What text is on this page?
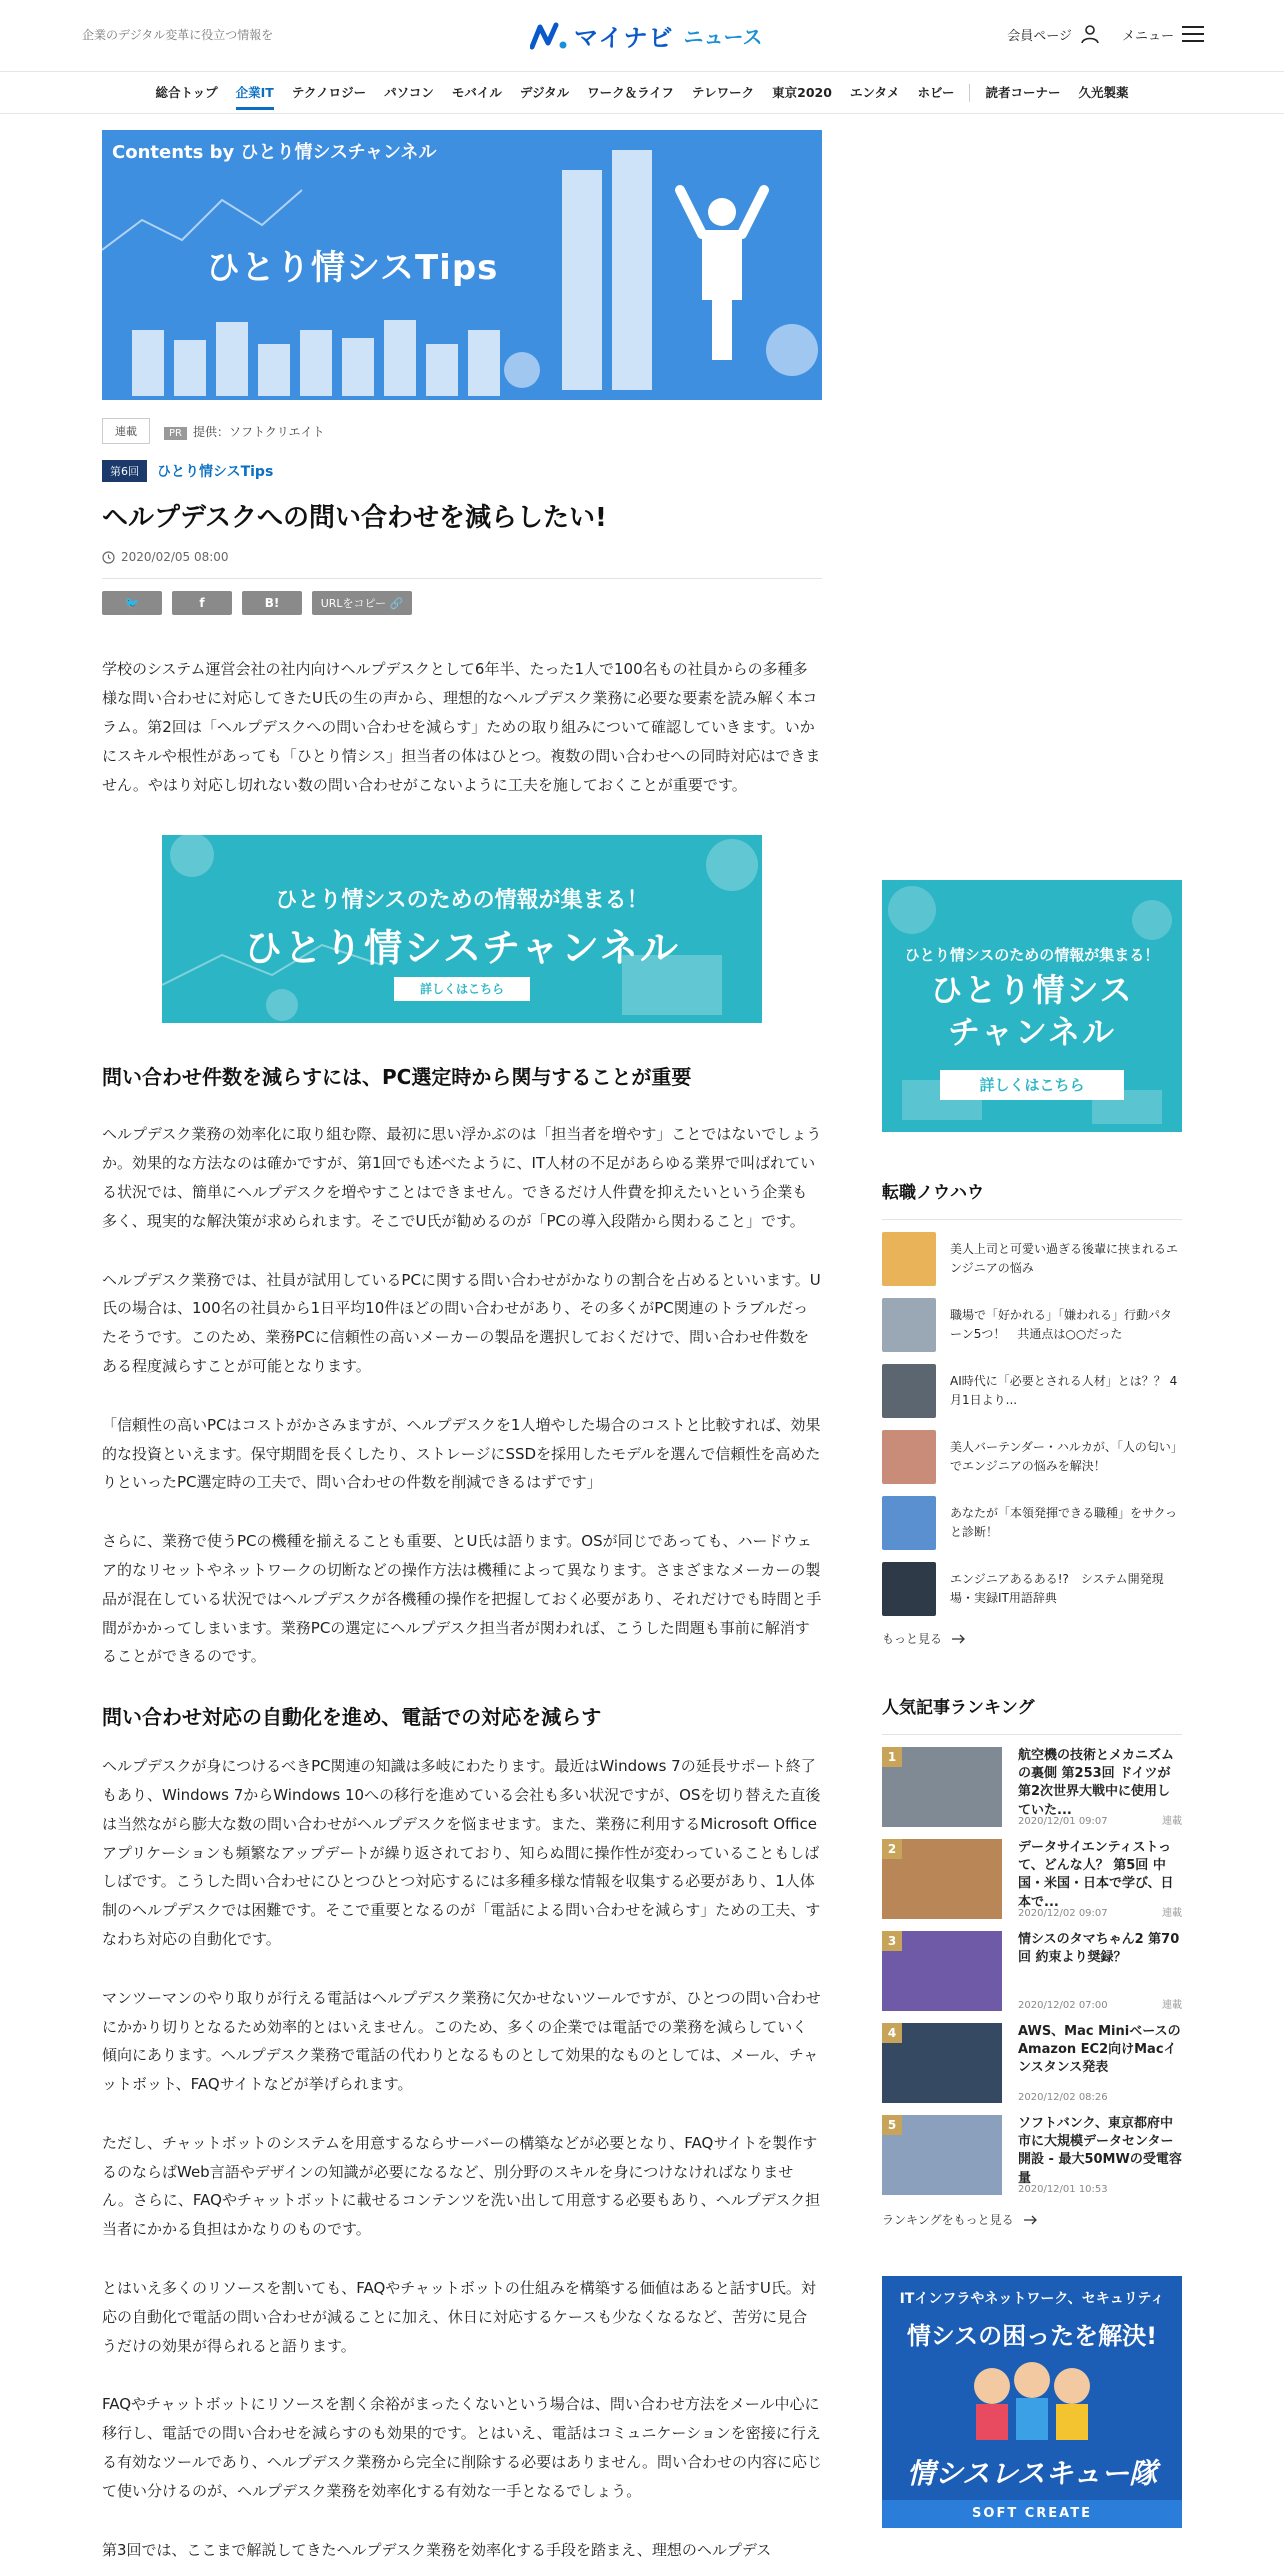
企業のデジタル変革に役立つ情報を	マイナビ ニュース	会員ページ	メニュー
総合トップ	企業IT	テクノロジー	パソコン	モバイル	デジタル	ワーク＆ライフ	テレワーク	東京2020	エンタメ	ホビー	読者コーナー	久光製薬
Contents by ひとり情シスチャンネル
ひとり情シスTips
連載	PR 提供：ソフトクリエイト
第6回	ひとり情シスTips
ヘルプデスクへの問い合わせを減らしたい!
2020/02/05 08:00
🐦	f	B!	URLをコピー 🔗

学校のシステム運営会社の社内向けヘルプデスクとして6年半、たった1人で100名もの社員からの多種多様な問い合わせに対応してきたU氏の生の声から、理想的なヘルプデスク業務に必要な要素を読み解く本コラム。第2回は「ヘルプデスクへの問い合わせを減らす」ための取り組みについて確認していきます。いかにスキルや根性があっても「ひとり情シス」担当者の体はひとつ。複数の問い合わせへの同時対応はできません。やはり対応し切れない数の問い合わせがこないように工夫を施しておくことが重要です。

ひとり情シスのための情報が集まる！
ひとり情シスチャンネル
詳しくはこちら
問い合わせ件数を減らすには、PC選定時から関与することが重要

ヘルプデスク業務の効率化に取り組む際、最初に思い浮かぶのは「担当者を増やす」ことではないでしょうか。効果的な方法なのは確かですが、第1回でも述べたように、IT人材の不足があらゆる業界で叫ばれている状況では、簡単にヘルプデスクを増やすことはできません。できるだけ人件費を抑えたいという企業も多く、現実的な解決策が求められます。そこでU氏が勧めるのが「PCの導入段階から関わること」です。

ヘルプデスク業務では、社員が試用しているPCに関する問い合わせがかなりの割合を占めるといいます。U氏の場合は、100名の社員から1日平均10件ほどの問い合わせがあり、その多くがPC関連のトラブルだったそうです。このため、業務PCに信頼性の高いメーカーの製品を選択しておくだけで、問い合わせ件数をある程度減らすことが可能となります。

「信頼性の高いPCはコストがかさみますが、ヘルプデスクを1人増やした場合のコストと比較すれば、効果的な投資といえます。保守期間を長くしたり、ストレージにSSDを採用したモデルを選んで信頼性を高めたりといったPC選定時の工夫で、問い合わせの件数を削減できるはずです」

さらに、業務で使うPCの機種を揃えることも重要、とU氏は語ります。OSが同じであっても、ハードウェア的なリセットやネットワークの切断などの操作方法は機種によって異なります。さまざまなメーカーの製品が混在している状況ではヘルプデスクが各機種の操作を把握しておく必要があり、それだけでも時間と手間がかかってしまいます。業務PCの選定にヘルプデスク担当者が関われば、こうした問題も事前に解消することができるのです。

問い合わせ対応の自動化を進め、電話での対応を減らす

ヘルプデスクが身につけるべきPC関連の知識は多岐にわたります。最近はWindows 7の延長サポート終了もあり、Windows 7からWindows 10への移行を進めている会社も多い状況ですが、OSを切り替えた直後は当然ながら膨大な数の問い合わせがヘルプデスクを悩ませます。また、業務に利用するMicrosoft Office アプリケーションも頻繁なアップデートが繰り返されており、知らぬ間に操作性が変わっていることもしばしばです。こうした問い合わせにひとつひとつ対応するには多種多様な情報を収集する必要があり、1人体制のヘルプデスクでは困難です。そこで重要となるのが「電話による問い合わせを減らす」ための工夫、すなわち対応の自動化です。

マンツーマンのやり取りが行える電話はヘルプデスク業務に欠かせないツールですが、ひとつの問い合わせにかかり切りとなるため効率的とはいえません。このため、多くの企業では電話での業務を減らしていく傾向にあります。ヘルプデスク業務で電話の代わりとなるものとして効果的なものとしては、メール、チャットボット、FAQサイトなどが挙げられます。

ただし、チャットボットのシステムを用意するならサーバーの構築などが必要となり、FAQサイトを製作するのならばWeb言語やデザインの知識が必要になるなど、別分野のスキルを身につけなければなりません。さらに、FAQやチャットボットに載せるコンテンツを洗い出して用意する必要もあり、ヘルプデスク担当者にかかる負担はかなりのものです。

とはいえ多くのリソースを割いても、FAQやチャットボットの仕組みを構築する価値はあると話すU氏。対応の自動化で電話の問い合わせが減ることに加え、休日に対応するケースも少なくなるなど、苦労に見合うだけの効果が得られると語ります。

FAQやチャットボットにリソースを割く余裕がまったくないという場合は、問い合わせ方法をメール中心に移行し、電話での問い合わせを減らすのも効果的です。とはいえ、電話はコミュニケーションを密接に行える有効なツールであり、ヘルプデスク業務から完全に削除する必要はありません。問い合わせの内容に応じて使い分けるのが、ヘルプデスク業務を効率化する有効な一手となるでしょう。

第3回では、ここまで解説してきたヘルプデスク業務を効率化する手段を踏まえ、理想のヘルプデス

ひとり情シスのための情報が集まる！
ひとり情シス
チャンネル
詳しくはこちら
転職ノウハウ
美人上司と可愛い過ぎる後輩に挟まれるエンジニアの悩み
職場で「好かれる」「嫌われる」行動パターン5つ！　共通点は○○だった
AI時代に「必要とされる人材」とは？？ 4月1日より...
美人バーテンダー・ハルカが、「人の匂い」でエンジニアの悩みを解決！
あなたが「本領発揮できる職種」をサクっと診断！
エンジニアあるある!?　システム開発現場・実録IT用語辞典
もっと見る
人気記事ランキング
1	航空機の技術とメカニズムの裏側 第253回 ドイツが第2次世界大戦中に使用していた...
2020/12/01 09:07	連載
2	データサイエンティストって、どんな人？ 第5回 中国・米国・日本で学び、日本で...
2020/12/02 09:07	連載
3	情シスのタマちゃん2 第70回 約束より奨録？
2020/12/02 07:00	連載
4	AWS、Mac Miniベースの Amazon EC2向けMacインスタンス発表
2020/12/02 08:26
5	ソフトバンク、東京都府中市に大規模データセンター開設 - 最大50MWの受電容量
2020/12/01 10:53
ランキングをもっと見る
ITインフラやネットワーク、セキュリティ
情シスの困ったを解決!
情シスレスキュー隊
SOFT CREATE
